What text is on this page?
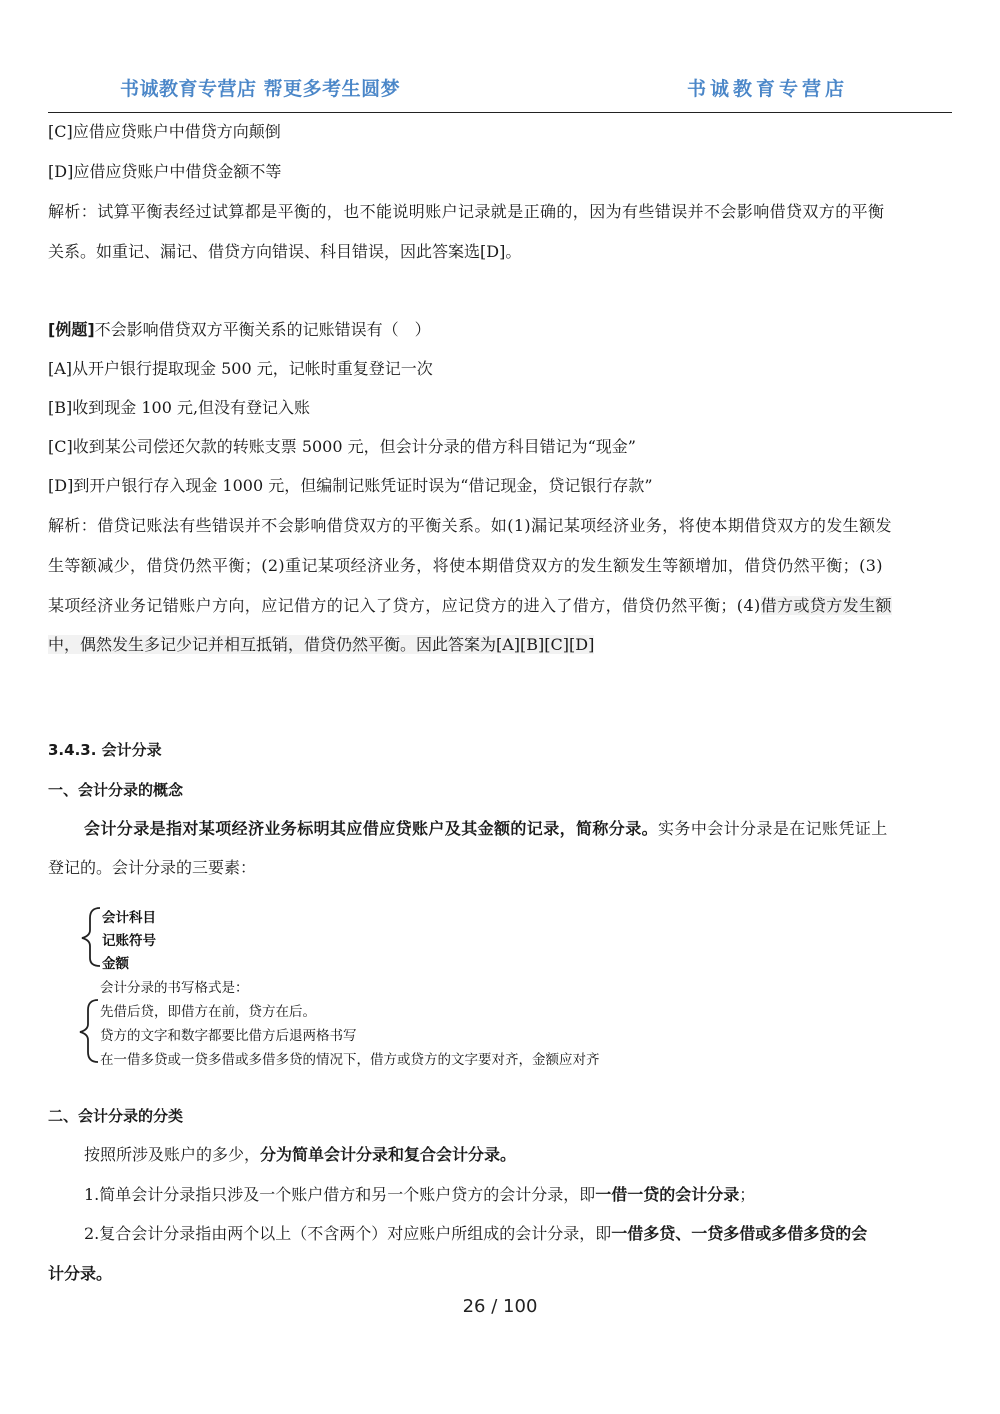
书诚教育专营店 帮更多考生圆梦	书诚教育专营店
[C]应借应贷账户中借贷方向颠倒
[D]应借应贷账户中借贷金额不等
解析：试算平衡表经过试算都是平衡的，也不能说明账户记录就是正确的，因为有些错误并不会影响借贷双方的平衡
关系。如重记、漏记、借贷方向错误、科目错误，因此答案选[D]。
[例题]不会影响借贷双方平衡关系的记账错误有（　）
[A]从开户银行提取现金 500 元，记帐时重复登记一次
[B]收到现金 100 元,但没有登记入账
[C]收到某公司偿还欠款的转账支票 5000 元，但会计分录的借方科目错记为“现金”
[D]到开户银行存入现金 1000 元，但编制记账凭证时误为“借记现金，贷记银行存款”
解析：借贷记账法有些错误并不会影响借贷双方的平衡关系。如(1)漏记某项经济业务，将使本期借贷双方的发生额发
生等额减少，借贷仍然平衡；(2)重记某项经济业务，将使本期借贷双方的发生额发生等额增加，借贷仍然平衡；(3)
某项经济业务记错账户方向，应记借方的记入了贷方，应记贷方的进入了借方，借贷仍然平衡；(4)借方或贷方发生额
中，偶然发生多记少记并相互抵销，借贷仍然平衡。因此答案为[A][B][C][D]
3.4.3. 会计分录
一、会计分录的概念
会计分录是指对某项经济业务标明其应借应贷账户及其金额的记录，简称分录。实务中会计分录是在记账凭证上
登记的。会计分录的三要素：
会计科目
记账符号
金额
会计分录的书写格式是：
先借后贷，即借方在前，贷方在后。
贷方的文字和数字都要比借方后退两格书写
在一借多贷或一贷多借或多借多贷的情况下，借方或贷方的文字要对齐，金额应对齐
二、会计分录的分类
按照所涉及账户的多少，分为简单会计分录和复合会计分录。
1.简单会计分录指只涉及一个账户借方和另一个账户贷方的会计分录，即一借一贷的会计分录；
2.复合会计分录指由两个以上（不含两个）对应账户所组成的会计分录，即一借多贷、一贷多借或多借多贷的会
计分录。
26 / 100
